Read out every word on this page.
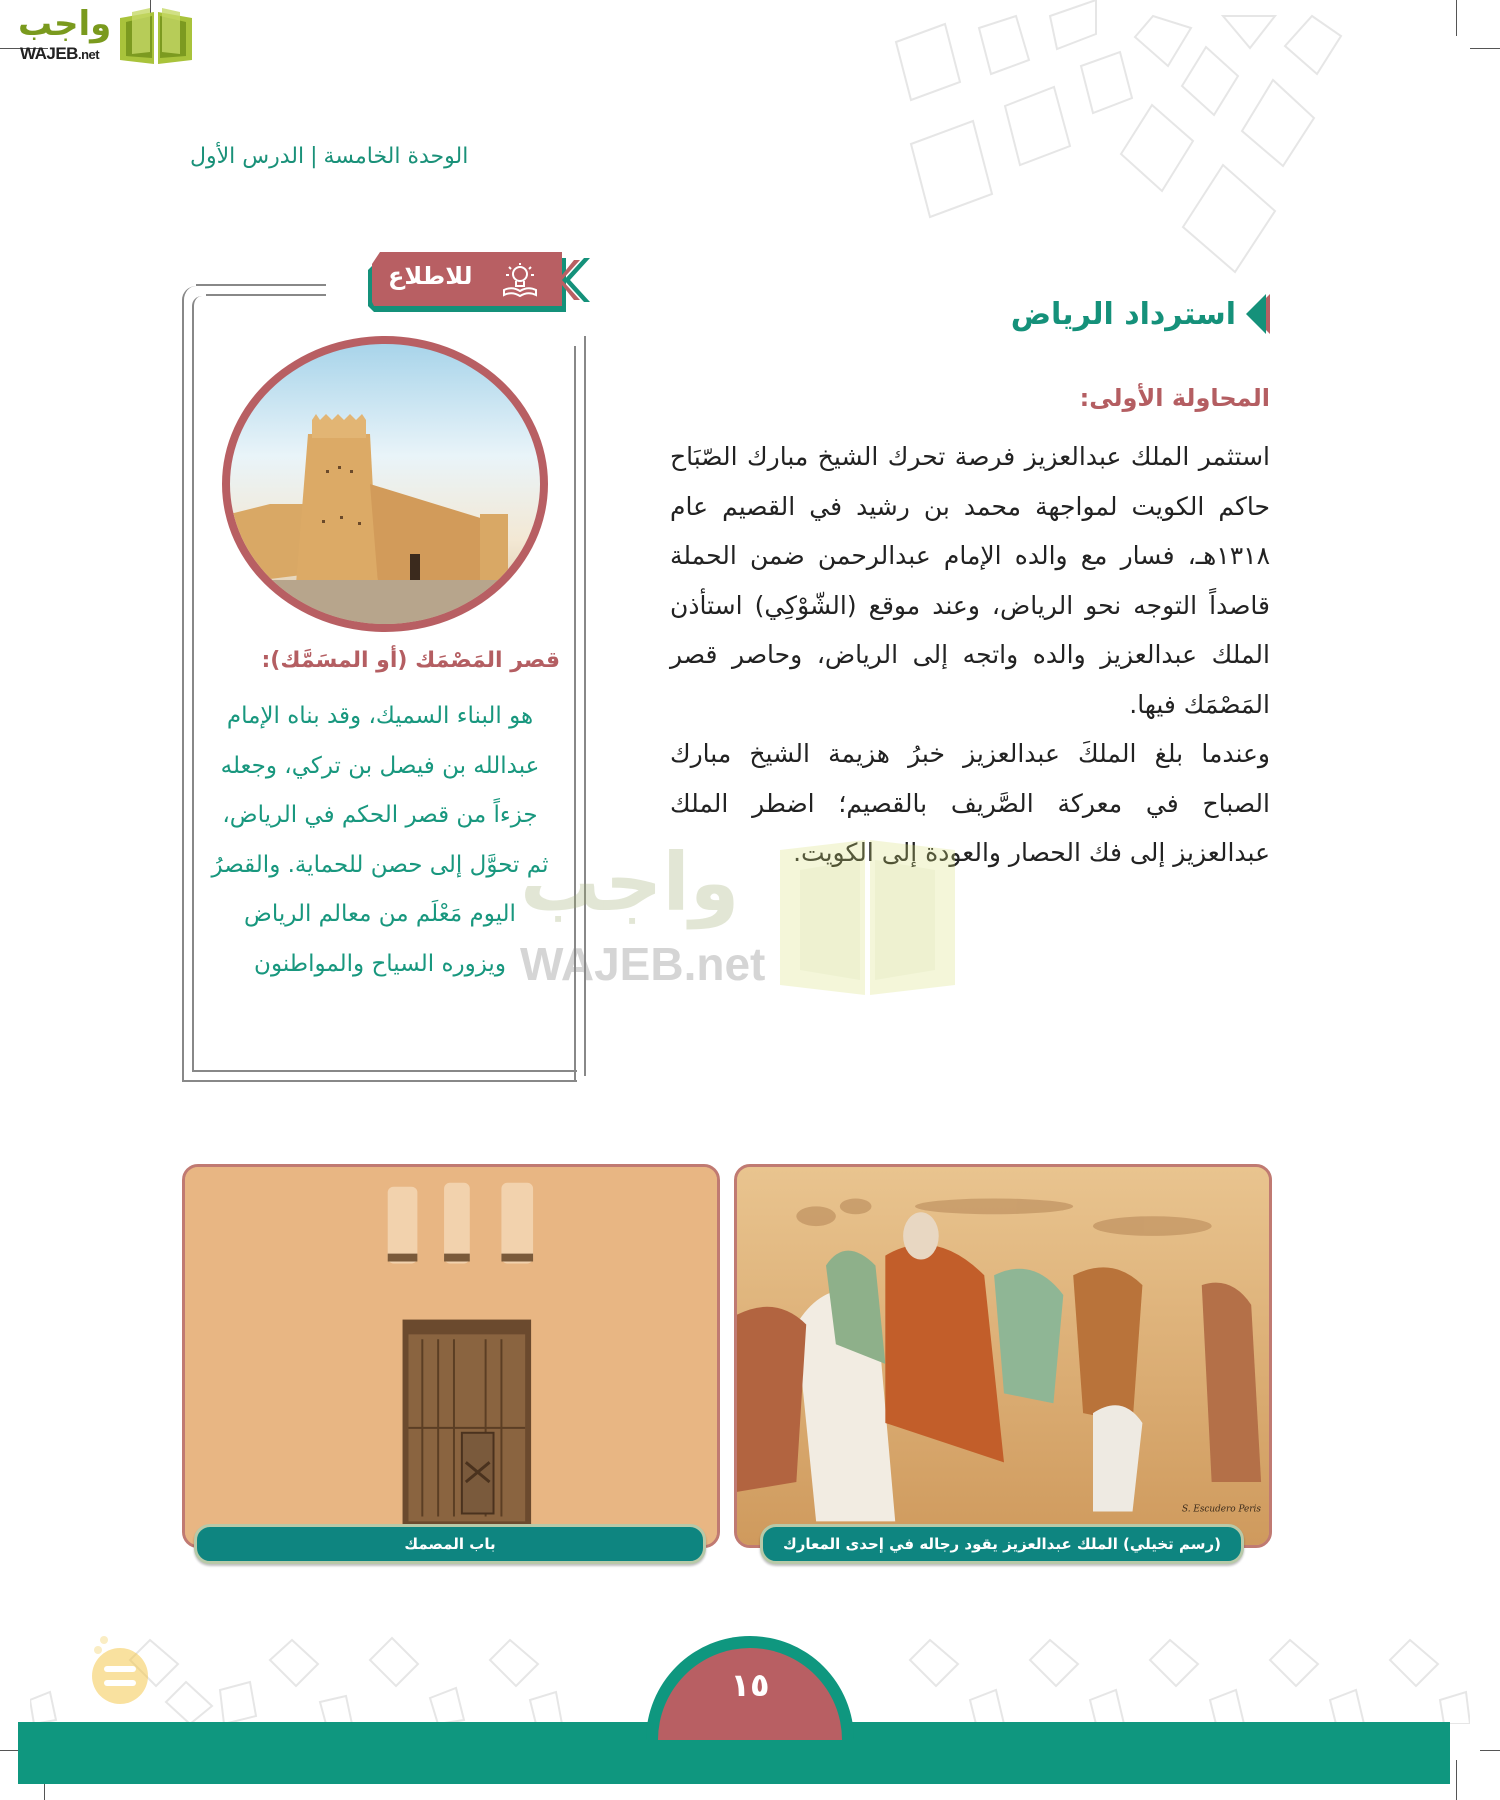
واجب
WAJEB.net
الوحدة الخامسة|الدرس الأول
استرداد الرياض
المحاولة الأولى:

استثمر الملك عبدالعزيز فرصة تحرك الشيخ مبارك الصّبَاح حاكم الكويت لمواجهة محمد بن رشيد في القصيم عام ١٣١٨هـ، فسار مع والده الإمام عبدالرحمن ضمن الحملة قاصداً التوجه نحو الرياض، وعند موقع (الشّوْكِي) استأذن الملك عبدالعزيز والده واتجه إلى الرياض، وحاصر قصر المَصْمَك فيها.

وعندما بلغ الملكَ عبدالعزيز خبرُ هزيمة الشيخ مبارك الصباح في معركة الصَّريف بالقصيم؛ اضطر الملك عبدالعزيز إلى فك الحصار والعودة إلى الكويت.

للاطلاع
قصر المَصْمَك (أو المسَمَّك):
هو البناء السميك، وقد بناه الإمام عبدالله بن فيصل بن تركي، وجعله جزءاً من قصر الحكم في الرياض، ثم تحوَّل إلى حصن للحماية. والقصرُ اليوم مَعْلَم من معالم الرياض ويزوره السياح والمواطنون
واجب
WAJEB.net
S. Escudero Peris
(رسم تخيلي) الملك عبدالعزيز يقود رجاله في إحدى المعارك
باب المصمك
١٥
